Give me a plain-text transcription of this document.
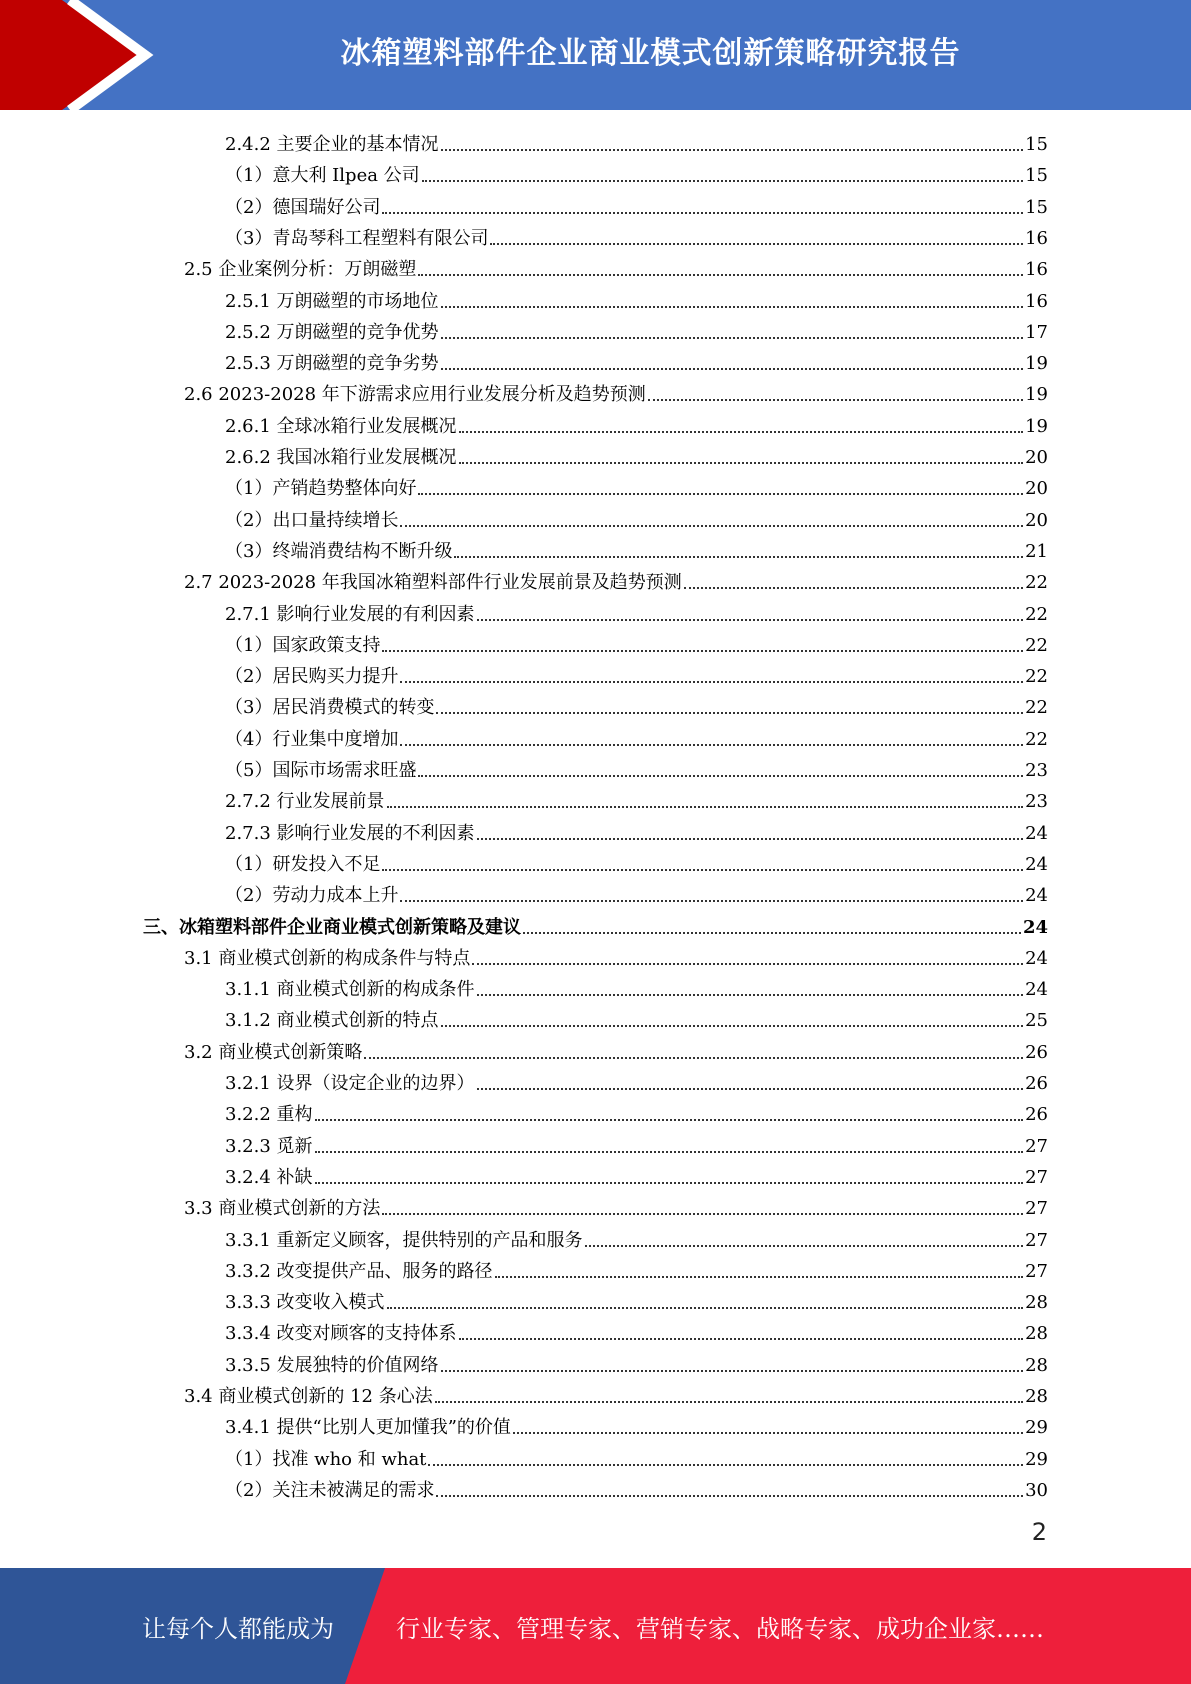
冰箱塑料部件企业商业模式创新策略研究报告
2.4.2 主要企业的基本情况	15
（1）意大利 Ilpea 公司	15
（2）德国瑞好公司	15
（3）青岛琴科工程塑料有限公司	16
2.5 企业案例分析：万朗磁塑	16
2.5.1 万朗磁塑的市场地位	16
2.5.2 万朗磁塑的竞争优势	17
2.5.3 万朗磁塑的竞争劣势	19
2.6 2023-2028 年下游需求应用行业发展分析及趋势预测	19
2.6.1 全球冰箱行业发展概况	19
2.6.2 我国冰箱行业发展概况	20
（1）产销趋势整体向好	20
（2）出口量持续增长	20
（3）终端消费结构不断升级	21
2.7 2023-2028 年我国冰箱塑料部件行业发展前景及趋势预测	22
2.7.1 影响行业发展的有利因素	22
（1）国家政策支持	22
（2）居民购买力提升	22
（3）居民消费模式的转变	22
（4）行业集中度增加	22
（5）国际市场需求旺盛	23
2.7.2 行业发展前景	23
2.7.3 影响行业发展的不利因素	24
（1）研发投入不足	24
（2）劳动力成本上升	24
三、冰箱塑料部件企业商业模式创新策略及建议	24
3.1 商业模式创新的构成条件与特点	24
3.1.1 商业模式创新的构成条件	24
3.1.2 商业模式创新的特点	25
3.2 商业模式创新策略	26
3.2.1 设界（设定企业的边界）	26
3.2.2 重构	26
3.2.3 觅新	27
3.2.4 补缺	27
3.3 商业模式创新的方法	27
3.3.1 重新定义顾客，提供特别的产品和服务	27
3.3.2 改变提供产品、服务的路径	27
3.3.3 改变收入模式	28
3.3.4 改变对顾客的支持体系	28
3.3.5 发展独特的价值网络	28
3.4 商业模式创新的 12 条心法	28
3.4.1 提供“比别人更加懂我”的价值	29
（1）找准 who 和 what	29
（2）关注未被满足的需求	30
2
让每个人都能成为	行业专家、管理专家、营销专家、战略专家、成功企业家……
